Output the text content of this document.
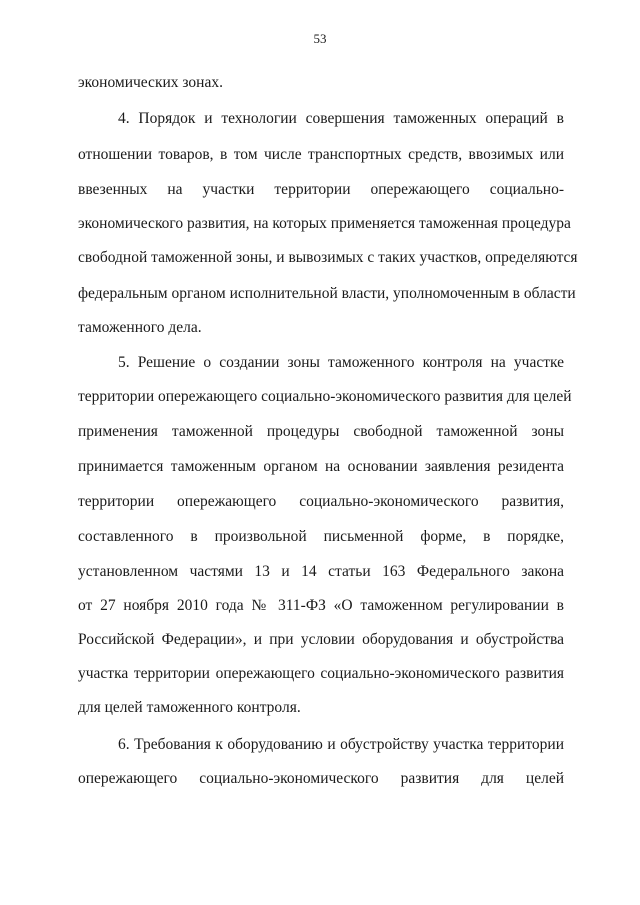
53
экономических зонах.
4. Порядок и технологии совершения таможенных операций в
отношении товаров, в том числе транспортных средств, ввозимых или
ввезенных на участки территории опережающего социально-
экономического развития, на которых применяется таможенная процедура
свободной таможенной зоны, и вывозимых с таких участков, определяются
федеральным органом исполнительной власти, уполномоченным в области
таможенного дела.
5. Решение о создании зоны таможенного контроля на участке
территории опережающего социально-экономического развития для целей
применения таможенной процедуры свободной таможенной зоны
принимается таможенным органом на основании заявления резидента
территории опережающего социально-экономического развития,
составленного в произвольной письменной форме, в порядке,
установленном частями 13 и 14 статьи 163 Федерального закона
от 27 ноября 2010 года № 311-ФЗ «О таможенном регулировании в
Российской Федерации», и при условии оборудования и обустройства
участка территории опережающего социально-экономического развития
для целей таможенного контроля.
6. Требования к оборудованию и обустройству участка территории
опережающего социально-экономического развития для целей
